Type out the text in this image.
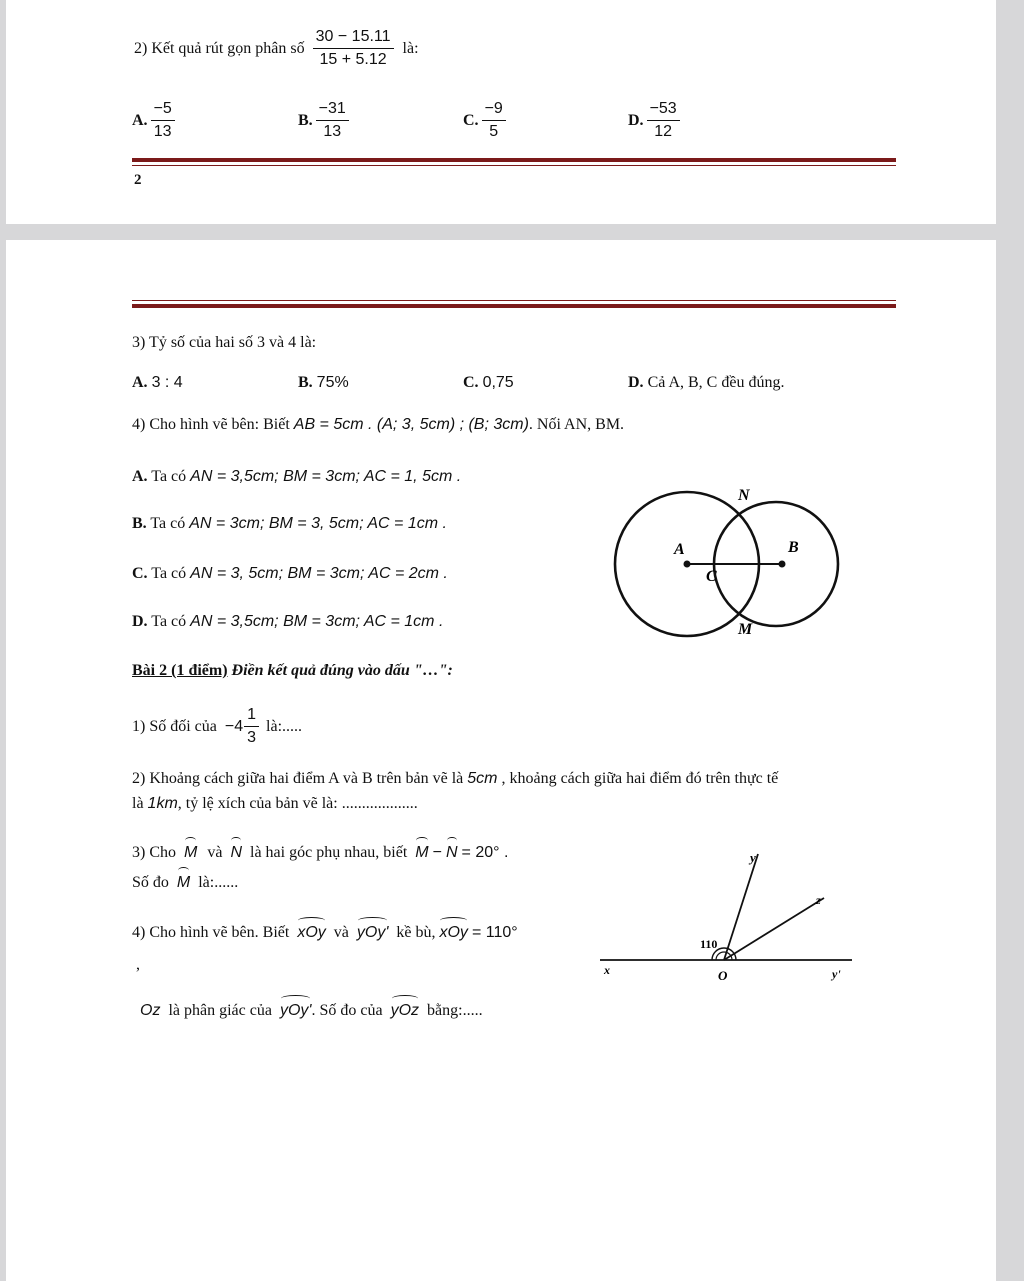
2) Kết quả rút gọn phân số $\frac{30 - 15.11}{15 + 5.12}$ là:
A. $\frac{-5}{13}$	B. $\frac{-31}{13}$	C. $\frac{-9}{5}$	D. $\frac{-53}{12}$
2
3) Tỷ số của hai số 3 và 4 là:
A. 3 : 4	B. 75%	C. 0,75	D. Cả A, B, C đều đúng.
4) Cho hình vẽ bên: Biết AB = 5cm . (A; 3, 5cm) ; (B; 3cm). Nối AN, BM.
A. Ta có AN = 3,5cm; BM = 3cm; AC = 1, 5cm .
B. Ta có AN = 3cm; BM = 3, 5cm; AC = 1cm .
C. Ta có AN = 3, 5cm; BM = 3cm; AC = 2cm .
D. Ta có AN = 3,5cm; BM = 3cm; AC = 1cm .
N
A	B
C
M
Bài 2 (1 điểm) Điền kết quả đúng vào dấu "…":
1) Số đối của $-4 \frac{1}{3}$ là:.....
2) Khoảng cách giữa hai điểm A và B trên bản vẽ là 5cm , khoảng cách giữa hai điểm đó trên thực tế
là 1km, tỷ lệ xích của bản vẽ là: ...................
3) Cho M và N là hai góc phụ nhau, biết M − N = 20° .
Số đo M là:......
4) Cho hình vẽ bên. Biết xOy và yOy' kề bù, xOy = 110°
,
Oz là phân giác của yOy'. Số đo của yOz bằng:.....
y
z
110
x	O	y'
